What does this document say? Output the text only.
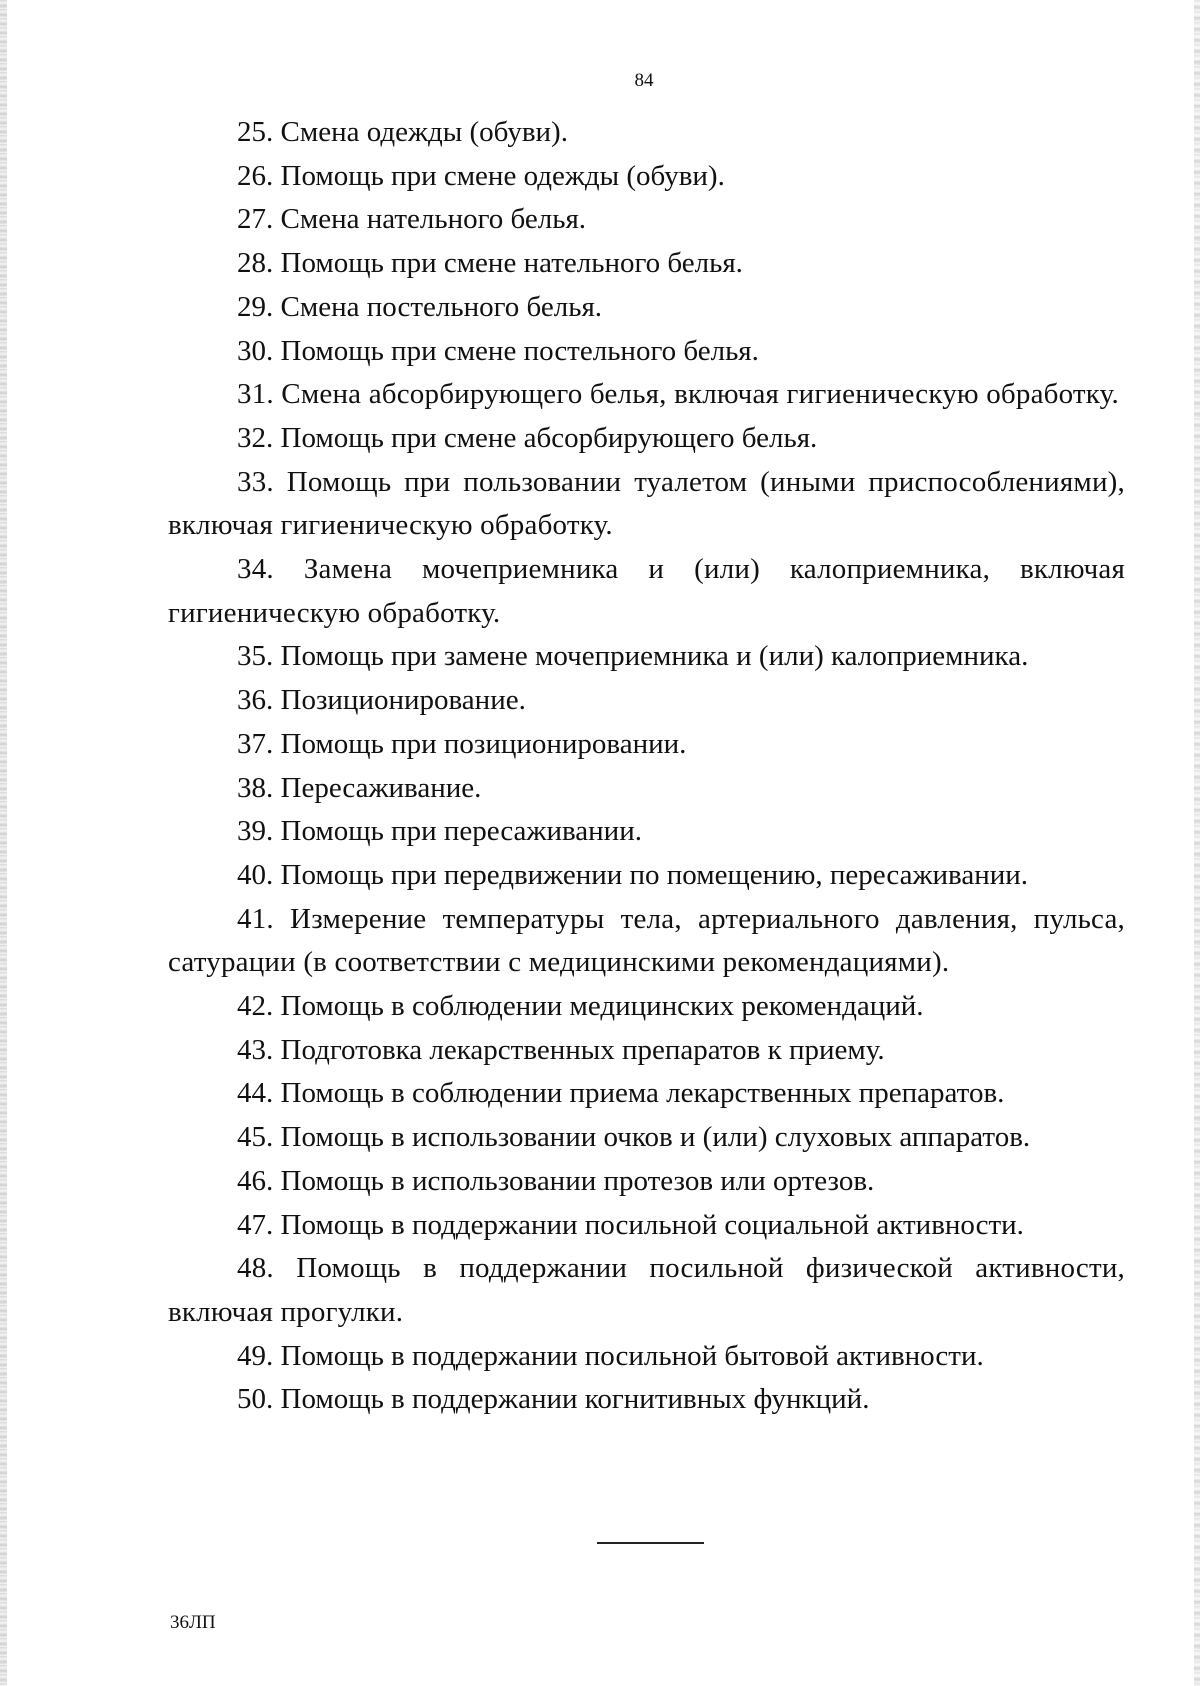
84

25. Смена одежды (обуви).

26. Помощь при смене одежды (обуви).

27. Смена нательного белья.

28. Помощь при смене нательного белья.

29. Смена постельного белья.

30. Помощь при смене постельного белья.

31. Смена абсорбирующего белья, включая гигиеническую обработку.

32. Помощь при смене абсорбирующего белья.

33. Помощь при пользовании туалетом (иными приспособлениями), включая гигиеническую обработку.

34. Замена мочеприемника и (или) калоприемника, включая гигиеническую обработку.

35. Помощь при замене мочеприемника и (или) калоприемника.

36. Позиционирование.

37. Помощь при позиционировании.

38. Пересаживание.

39. Помощь при пересаживании.

40. Помощь при передвижении по помещению, пересаживании.

41. Измерение температуры тела, артериального давления, пульса, сатурации (в соответствии с медицинскими рекомендациями).

42. Помощь в соблюдении медицинских рекомендаций.

43. Подготовка лекарственных препаратов к приему.

44. Помощь в соблюдении приема лекарственных препаратов.

45. Помощь в использовании очков и (или) слуховых аппаратов.

46. Помощь в использовании протезов или ортезов.

47. Помощь в поддержании посильной социальной активности.

48. Помощь в поддержании посильной физической активности, включая прогулки.

49. Помощь в поддержании посильной бытовой активности.

50. Помощь в поддержании когнитивных функций.

36ЛП
